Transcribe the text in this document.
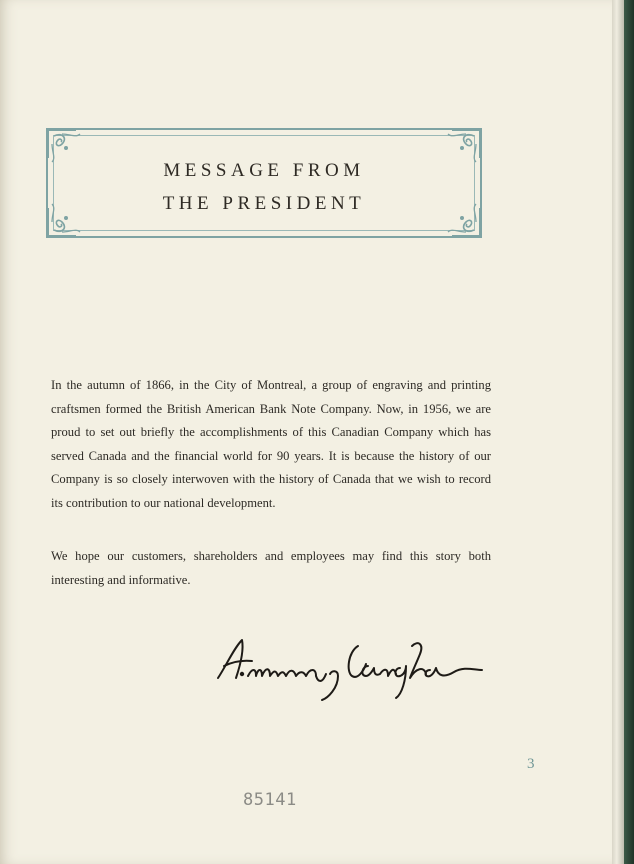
MESSAGE FROM
THE PRESIDENT

In the autumn of 1866, in the City of Montreal, a group of engraving and printing craftsmen formed the British American Bank Note Company. Now, in 1956, we are proud to set out briefly the accomplishments of this Canadian Company which has served Canada and the financial world for 90 years. It is because the history of our Company is so closely interwoven with the history of Canada that we wish to record its contribution to our national development.

We hope our customers, shareholders and employees may find this story both interesting and informative.

3
85141
